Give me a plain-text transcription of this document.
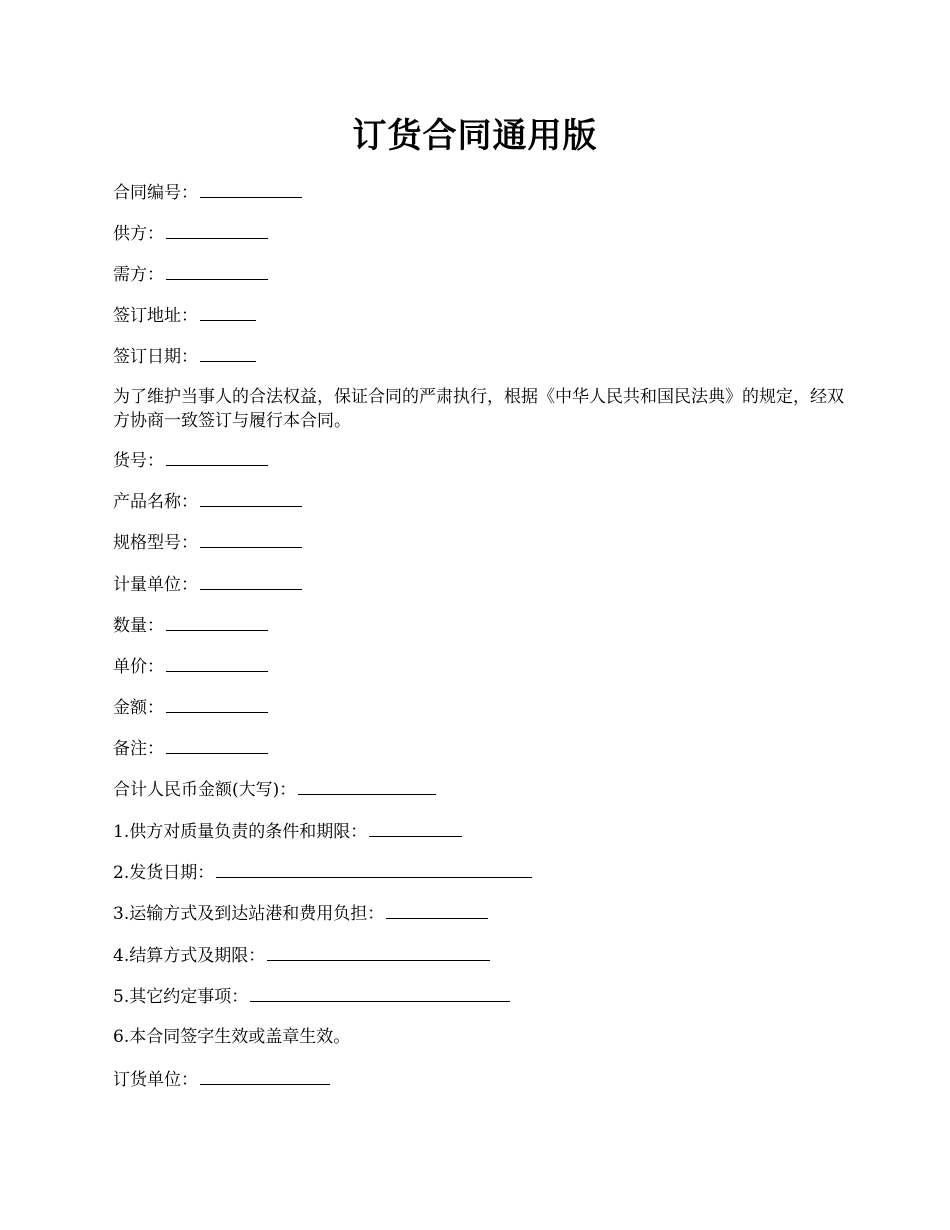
订货合同通用版
合同编号：
供方：
需方：
签订地址：
签订日期：
为了维护当事人的合法权益，保证合同的严肃执行，根据《中华人民共和国民法典》的规定，经双方协商一致签订与履行本合同。
货号：
产品名称：
规格型号：
计量单位：
数量：
单价：
金额：
备注：
合计人民币金额(大写)：
1.供方对质量负责的条件和期限：
2.发货日期：
3.运输方式及到达站港和费用负担：
4.结算方式及期限：
5.其它约定事项：
6.本合同签字生效或盖章生效。
订货单位：
